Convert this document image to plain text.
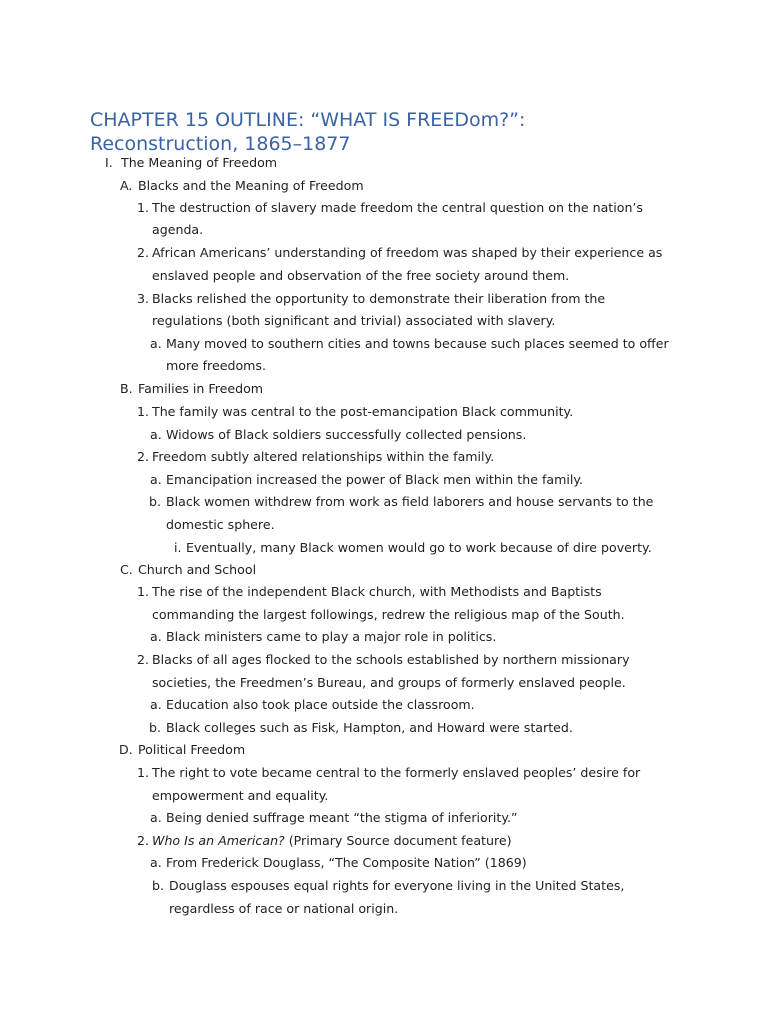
CHAPTER 15 OUTLINE: “WHAT IS FREEDom?”:
Reconstruction, 1865–1877
I. The Meaning of Freedom
A. Blacks and the Meaning of Freedom
1. The destruction of slavery made freedom the central question on the nation’s
agenda.
2. African Americans’ understanding of freedom was shaped by their experience as
enslaved people and observation of the free society around them.
3. Blacks relished the opportunity to demonstrate their liberation from the
regulations (both significant and trivial) associated with slavery.
a. Many moved to southern cities and towns because such places seemed to offer
more freedoms.
B. Families in Freedom
1. The family was central to the post-emancipation Black community.
a. Widows of Black soldiers successfully collected pensions.
2. Freedom subtly altered relationships within the family.
a. Emancipation increased the power of Black men within the family.
b. Black women withdrew from work as field laborers and house servants to the
domestic sphere.
i. Eventually, many Black women would go to work because of dire poverty.
C. Church and School
1. The rise of the independent Black church, with Methodists and Baptists
commanding the largest followings, redrew the religious map of the South.
a. Black ministers came to play a major role in politics.
2. Blacks of all ages flocked to the schools established by northern missionary
societies, the Freedmen’s Bureau, and groups of formerly enslaved people.
a. Education also took place outside the classroom.
b. Black colleges such as Fisk, Hampton, and Howard were started.
D. Political Freedom
1. The right to vote became central to the formerly enslaved peoples’ desire for
empowerment and equality.
a. Being denied suffrage meant “the stigma of inferiority.”
2. Who Is an American? (Primary Source document feature)
a. From Frederick Douglass, “The Composite Nation” (1869)
b. Douglass espouses equal rights for everyone living in the United States,
regardless of race or national origin.
